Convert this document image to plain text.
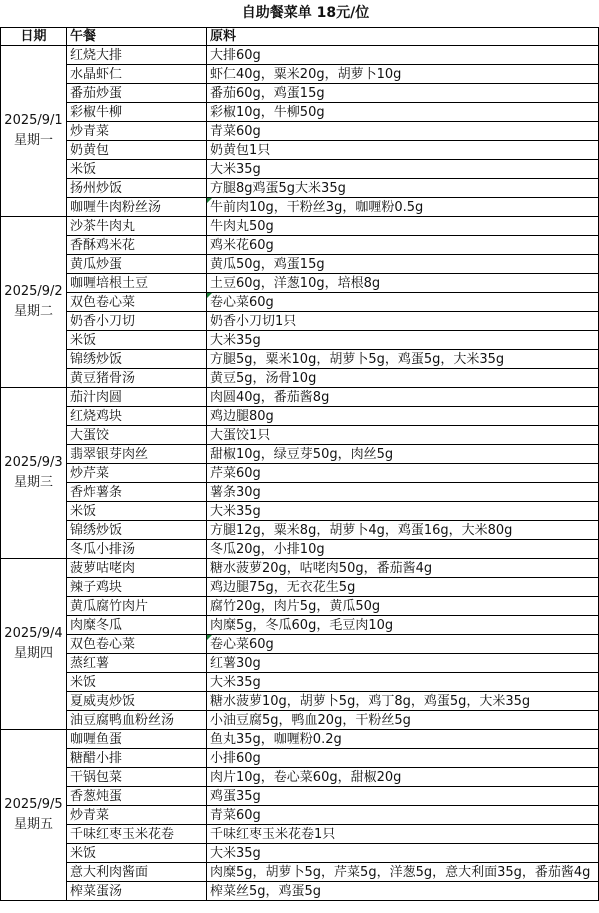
自助餐菜单 18元/位
日期	午餐	原料

2025/9/1
星期一	红烧大排	大排60g
	水晶虾仁	虾仁40g，粟米20g，胡萝卜10g
	番茄炒蛋	番茄60g，鸡蛋15g
	彩椒牛柳	彩椒10g，牛柳50g
	炒青菜	青菜60g
	奶黄包	奶黄包1只
	米饭	大米35g
	扬州炒饭	方腿8g鸡蛋5g大米35g
	咖喱牛肉粉丝汤	牛前肉10g，干粉丝3g，咖喱粉0.5g

2025/9/2
星期二	沙茶牛肉丸	牛肉丸50g
	香酥鸡米花	鸡米花60g
	黄瓜炒蛋	黄瓜50g，鸡蛋15g
	咖喱培根土豆	土豆60g，洋葱10g，培根8g
	双色卷心菜	卷心菜60g
	奶香小刀切	奶香小刀切1只
	米饭	大米35g
	锦绣炒饭	方腿5g，粟米10g，胡萝卜5g，鸡蛋5g，大米35g
	黄豆猪骨汤	黄豆5g，汤骨10g

2025/9/3
星期三	茄汁肉圆	肉圆40g，番茄酱8g
	红烧鸡块	鸡边腿80g
	大蛋饺	大蛋饺1只
	翡翠银芽肉丝	甜椒10g，绿豆芽50g，肉丝5g
	炒芹菜	芹菜60g
	香炸薯条	薯条30g
	米饭	大米35g
	锦绣炒饭	方腿12g，粟米8g，胡萝卜4g，鸡蛋16g，大米80g
	冬瓜小排汤	冬瓜20g，小排10g

2025/9/4
星期四	菠萝咕咾肉	糖水菠萝20g，咕咾肉50g，番茄酱4g
	辣子鸡块	鸡边腿75g，无衣花生5g
	黄瓜腐竹肉片	腐竹20g，肉片5g，黄瓜50g
	肉糜冬瓜	肉糜5g，冬瓜60g，毛豆肉10g
	双色卷心菜	卷心菜60g
	蒸红薯	红薯30g
	米饭	大米35g
	夏威夷炒饭	糖水菠萝10g，胡萝卜5g，鸡丁8g，鸡蛋5g，大米35g
	油豆腐鸭血粉丝汤	小油豆腐5g，鸭血20g，干粉丝5g

2025/9/5
星期五	咖喱鱼蛋	鱼丸35g，咖喱粉0.2g
	糖醋小排	小排60g
	干锅包菜	肉片10g，卷心菜60g，甜椒20g
	香葱炖蛋	鸡蛋35g
	炒青菜	青菜60g
	千味红枣玉米花卷	千味红枣玉米花卷1只
	米饭	大米35g
	意大利肉酱面	肉糜5g，胡萝卜5g，芹菜5g，洋葱5g，意大利面35g，番茄酱4g
	榨菜蛋汤	榨菜丝5g，鸡蛋5g
